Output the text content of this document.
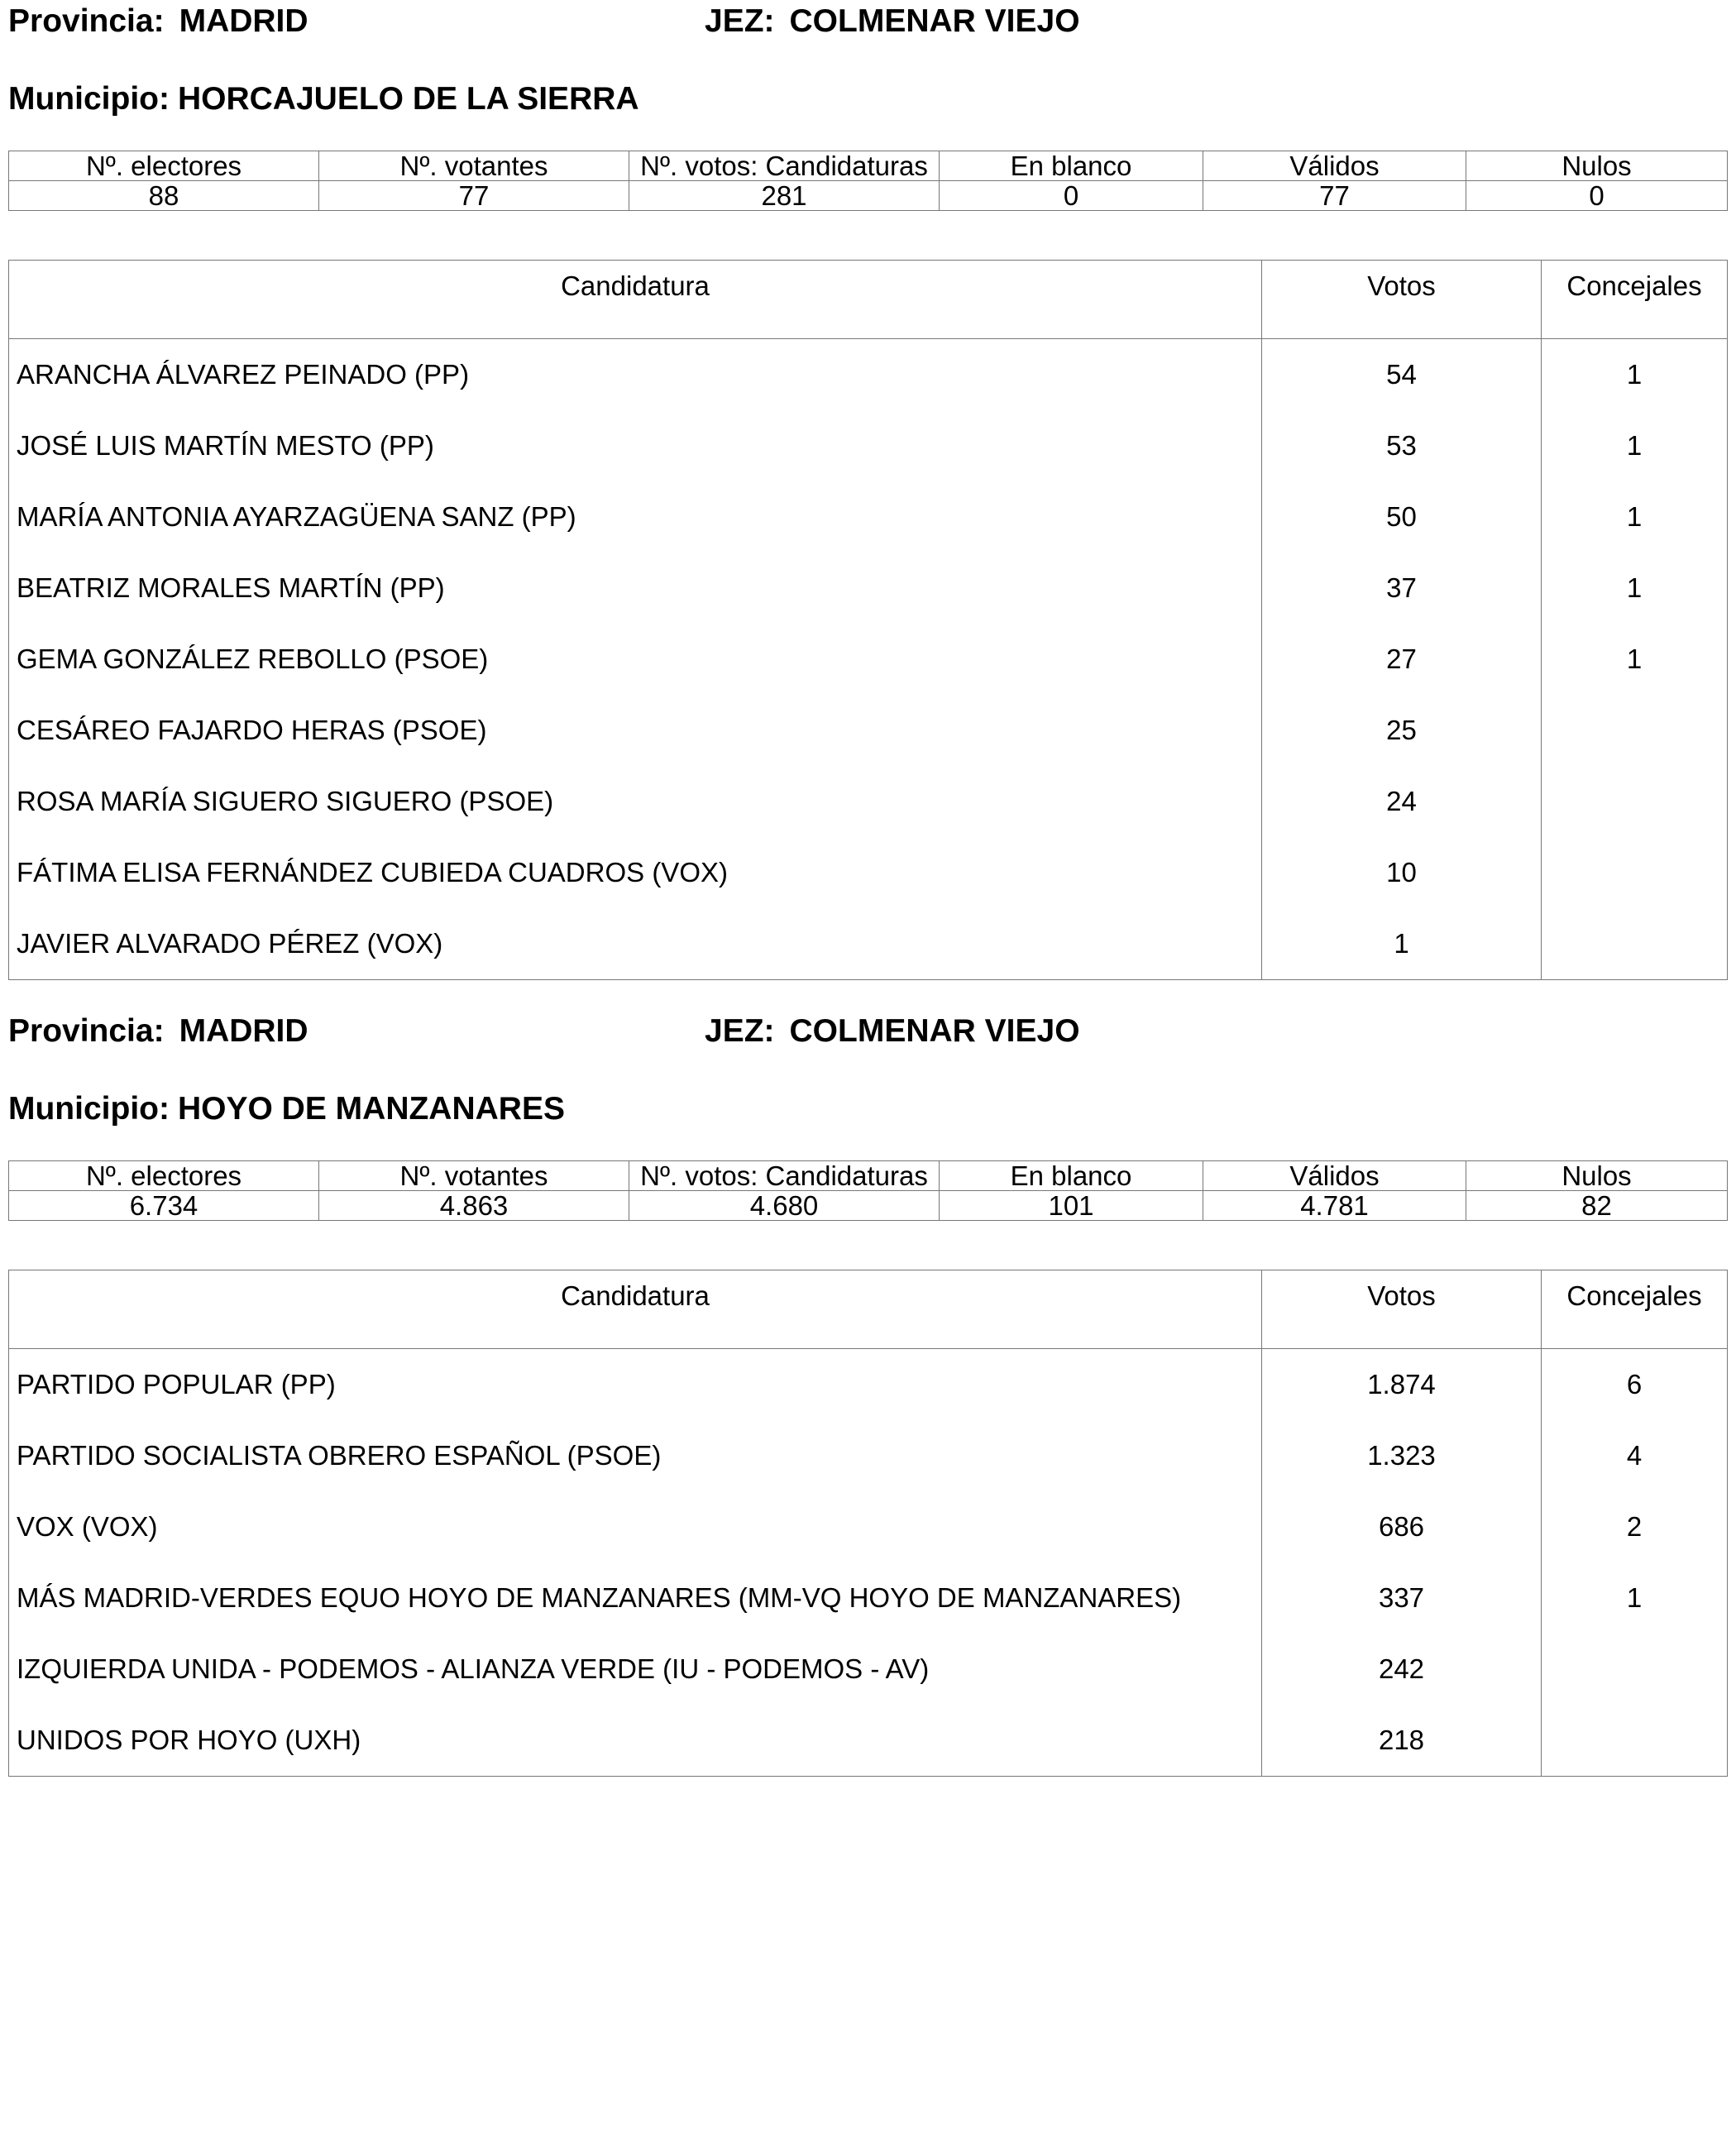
Provincia: MADRID	JEZ: COLMENAR VIEJO
Municipio: HORCAJUELO DE LA SIERRA
Nº. electores	Nº. votantes	Nº. votos: Candidaturas	En blanco	Válidos	Nulos
88	77	281	0	77	0
Candidatura	Votos	Concejales
ARANCHA ÁLVAREZ PEINADO (PP)	54	1
JOSÉ LUIS MARTÍN MESTO (PP)	53	1
MARÍA ANTONIA AYARZAGÜENA SANZ (PP)	50	1
BEATRIZ MORALES MARTÍN (PP)	37	1
GEMA GONZÁLEZ REBOLLO (PSOE)	27	1
CESÁREO FAJARDO HERAS (PSOE)	25	
ROSA MARÍA SIGUERO SIGUERO (PSOE)	24	
FÁTIMA ELISA FERNÁNDEZ CUBIEDA CUADROS (VOX)	10	
JAVIER ALVARADO PÉREZ (VOX)	1	
Provincia: MADRID	JEZ: COLMENAR VIEJO
Municipio: HOYO DE MANZANARES
Nº. electores	Nº. votantes	Nº. votos: Candidaturas	En blanco	Válidos	Nulos
6.734	4.863	4.680	101	4.781	82
Candidatura	Votos	Concejales
PARTIDO POPULAR (PP)	1.874	6
PARTIDO SOCIALISTA OBRERO ESPAÑOL (PSOE)	1.323	4
VOX (VOX)	686	2
MÁS MADRID-VERDES EQUO HOYO DE MANZANARES (MM-VQ HOYO DE MANZANARES)	337	1
IZQUIERDA UNIDA - PODEMOS - ALIANZA VERDE (IU - PODEMOS - AV)	242	
UNIDOS POR HOYO (UXH)	218	
